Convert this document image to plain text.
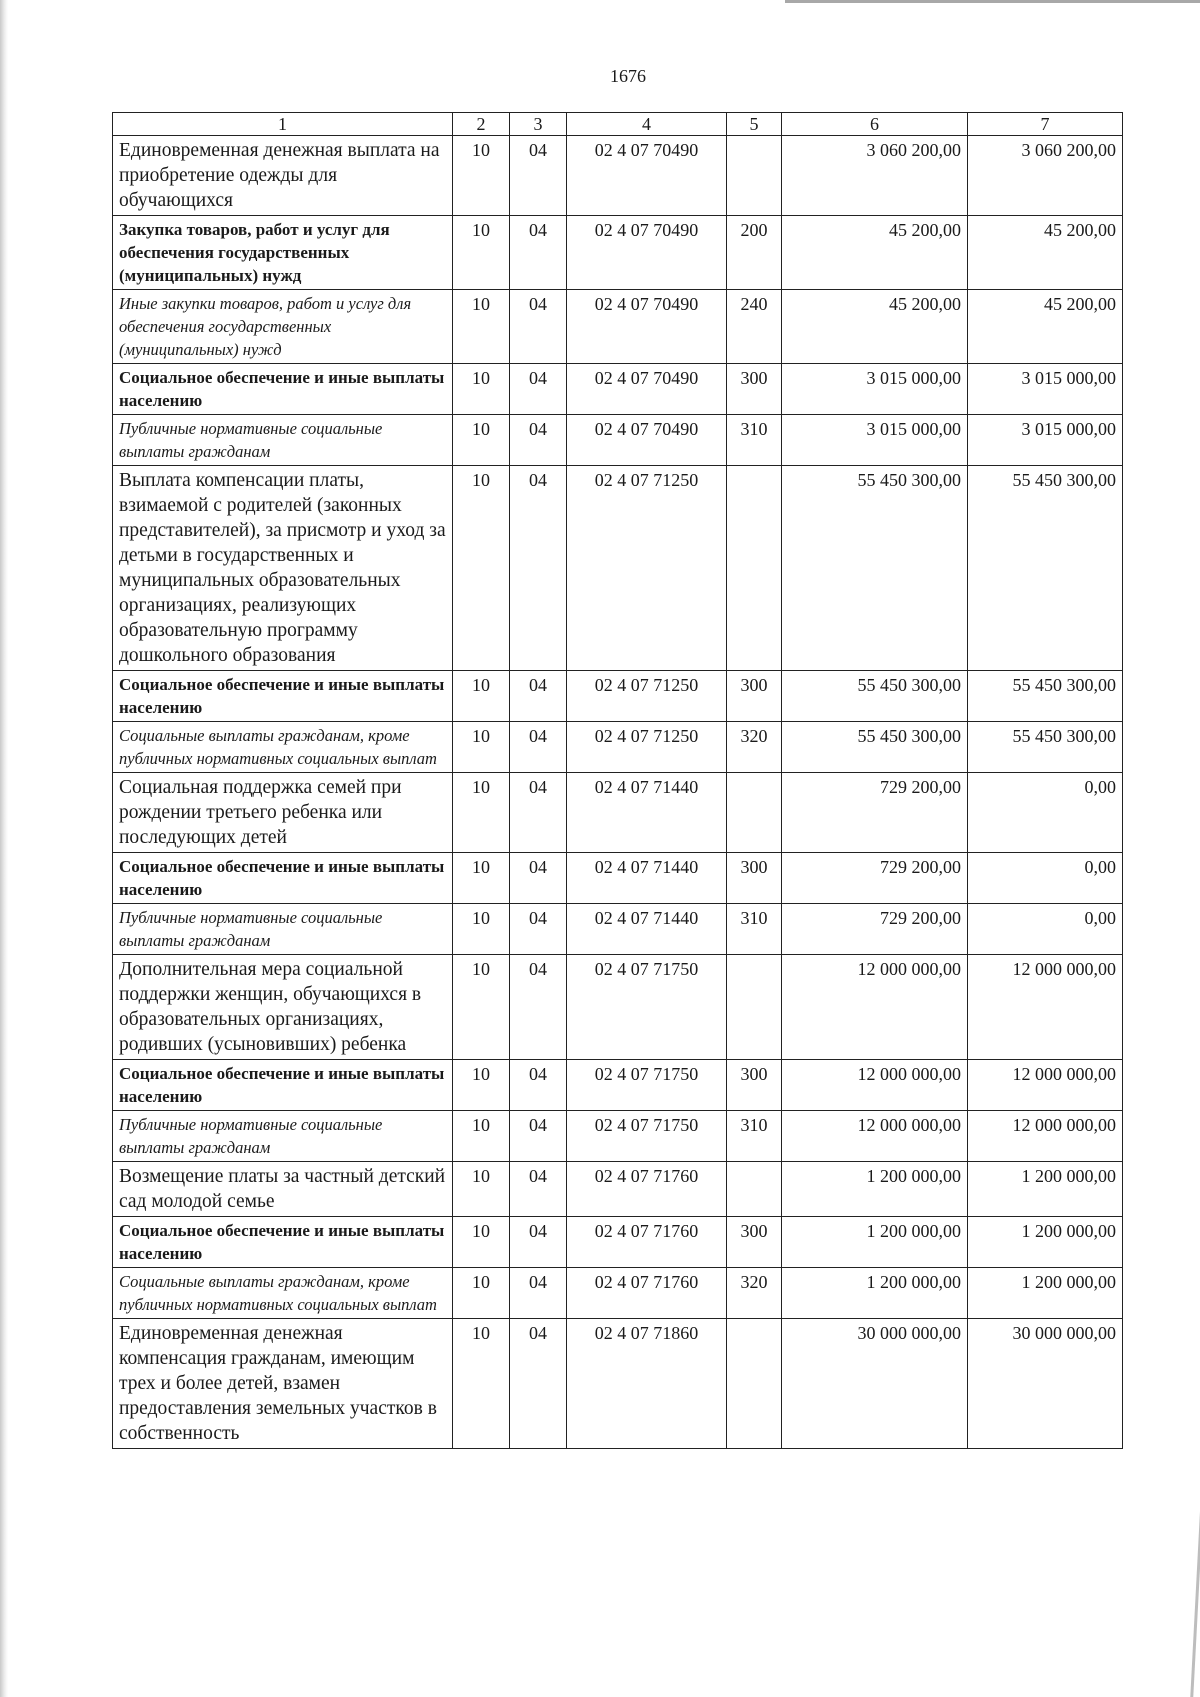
1676
1	2	3	4	5	6	7
Единовременная денежная выплата на приобретение одежды для обучающихся	10	04	02 4 07 70490		3 060 200,00	3 060 200,00
Закупка товаров, работ и услуг для обеспечения государственных (муниципальных) нужд	10	04	02 4 07 70490	200	45 200,00	45 200,00
Иные закупки товаров, работ и услуг для обеспечения государственных (муниципальных) нужд	10	04	02 4 07 70490	240	45 200,00	45 200,00
Социальное обеспечение и иные выплаты населению	10	04	02 4 07 70490	300	3 015 000,00	3 015 000,00
Публичные нормативные социальные выплаты гражданам	10	04	02 4 07 70490	310	3 015 000,00	3 015 000,00
Выплата компенсации платы, взимаемой с родителей (законных представителей), за присмотр и уход за детьми в государственных и муниципальных образовательных организациях, реализующих образовательную программу дошкольного образования	10	04	02 4 07 71250		55 450 300,00	55 450 300,00
Социальное обеспечение и иные выплаты населению	10	04	02 4 07 71250	300	55 450 300,00	55 450 300,00
Социальные выплаты гражданам, кроме публичных нормативных социальных выплат	10	04	02 4 07 71250	320	55 450 300,00	55 450 300,00
Социальная поддержка семей при рождении третьего ребенка или последующих детей	10	04	02 4 07 71440		729 200,00	0,00
Социальное обеспечение и иные выплаты населению	10	04	02 4 07 71440	300	729 200,00	0,00
Публичные нормативные социальные выплаты гражданам	10	04	02 4 07 71440	310	729 200,00	0,00
Дополнительная мера социальной поддержки женщин, обучающихся в образовательных организациях, родивших (усыновивших) ребенка	10	04	02 4 07 71750		12 000 000,00	12 000 000,00
Социальное обеспечение и иные выплаты населению	10	04	02 4 07 71750	300	12 000 000,00	12 000 000,00
Публичные нормативные социальные выплаты гражданам	10	04	02 4 07 71750	310	12 000 000,00	12 000 000,00
Возмещение платы за частный детский сад молодой семье	10	04	02 4 07 71760		1 200 000,00	1 200 000,00
Социальное обеспечение и иные выплаты населению	10	04	02 4 07 71760	300	1 200 000,00	1 200 000,00
Социальные выплаты гражданам, кроме публичных нормативных социальных выплат	10	04	02 4 07 71760	320	1 200 000,00	1 200 000,00
Единовременная денежная компенсация гражданам, имеющим трех и более детей, взамен предоставления земельных участков в собственность	10	04	02 4 07 71860		30 000 000,00	30 000 000,00
